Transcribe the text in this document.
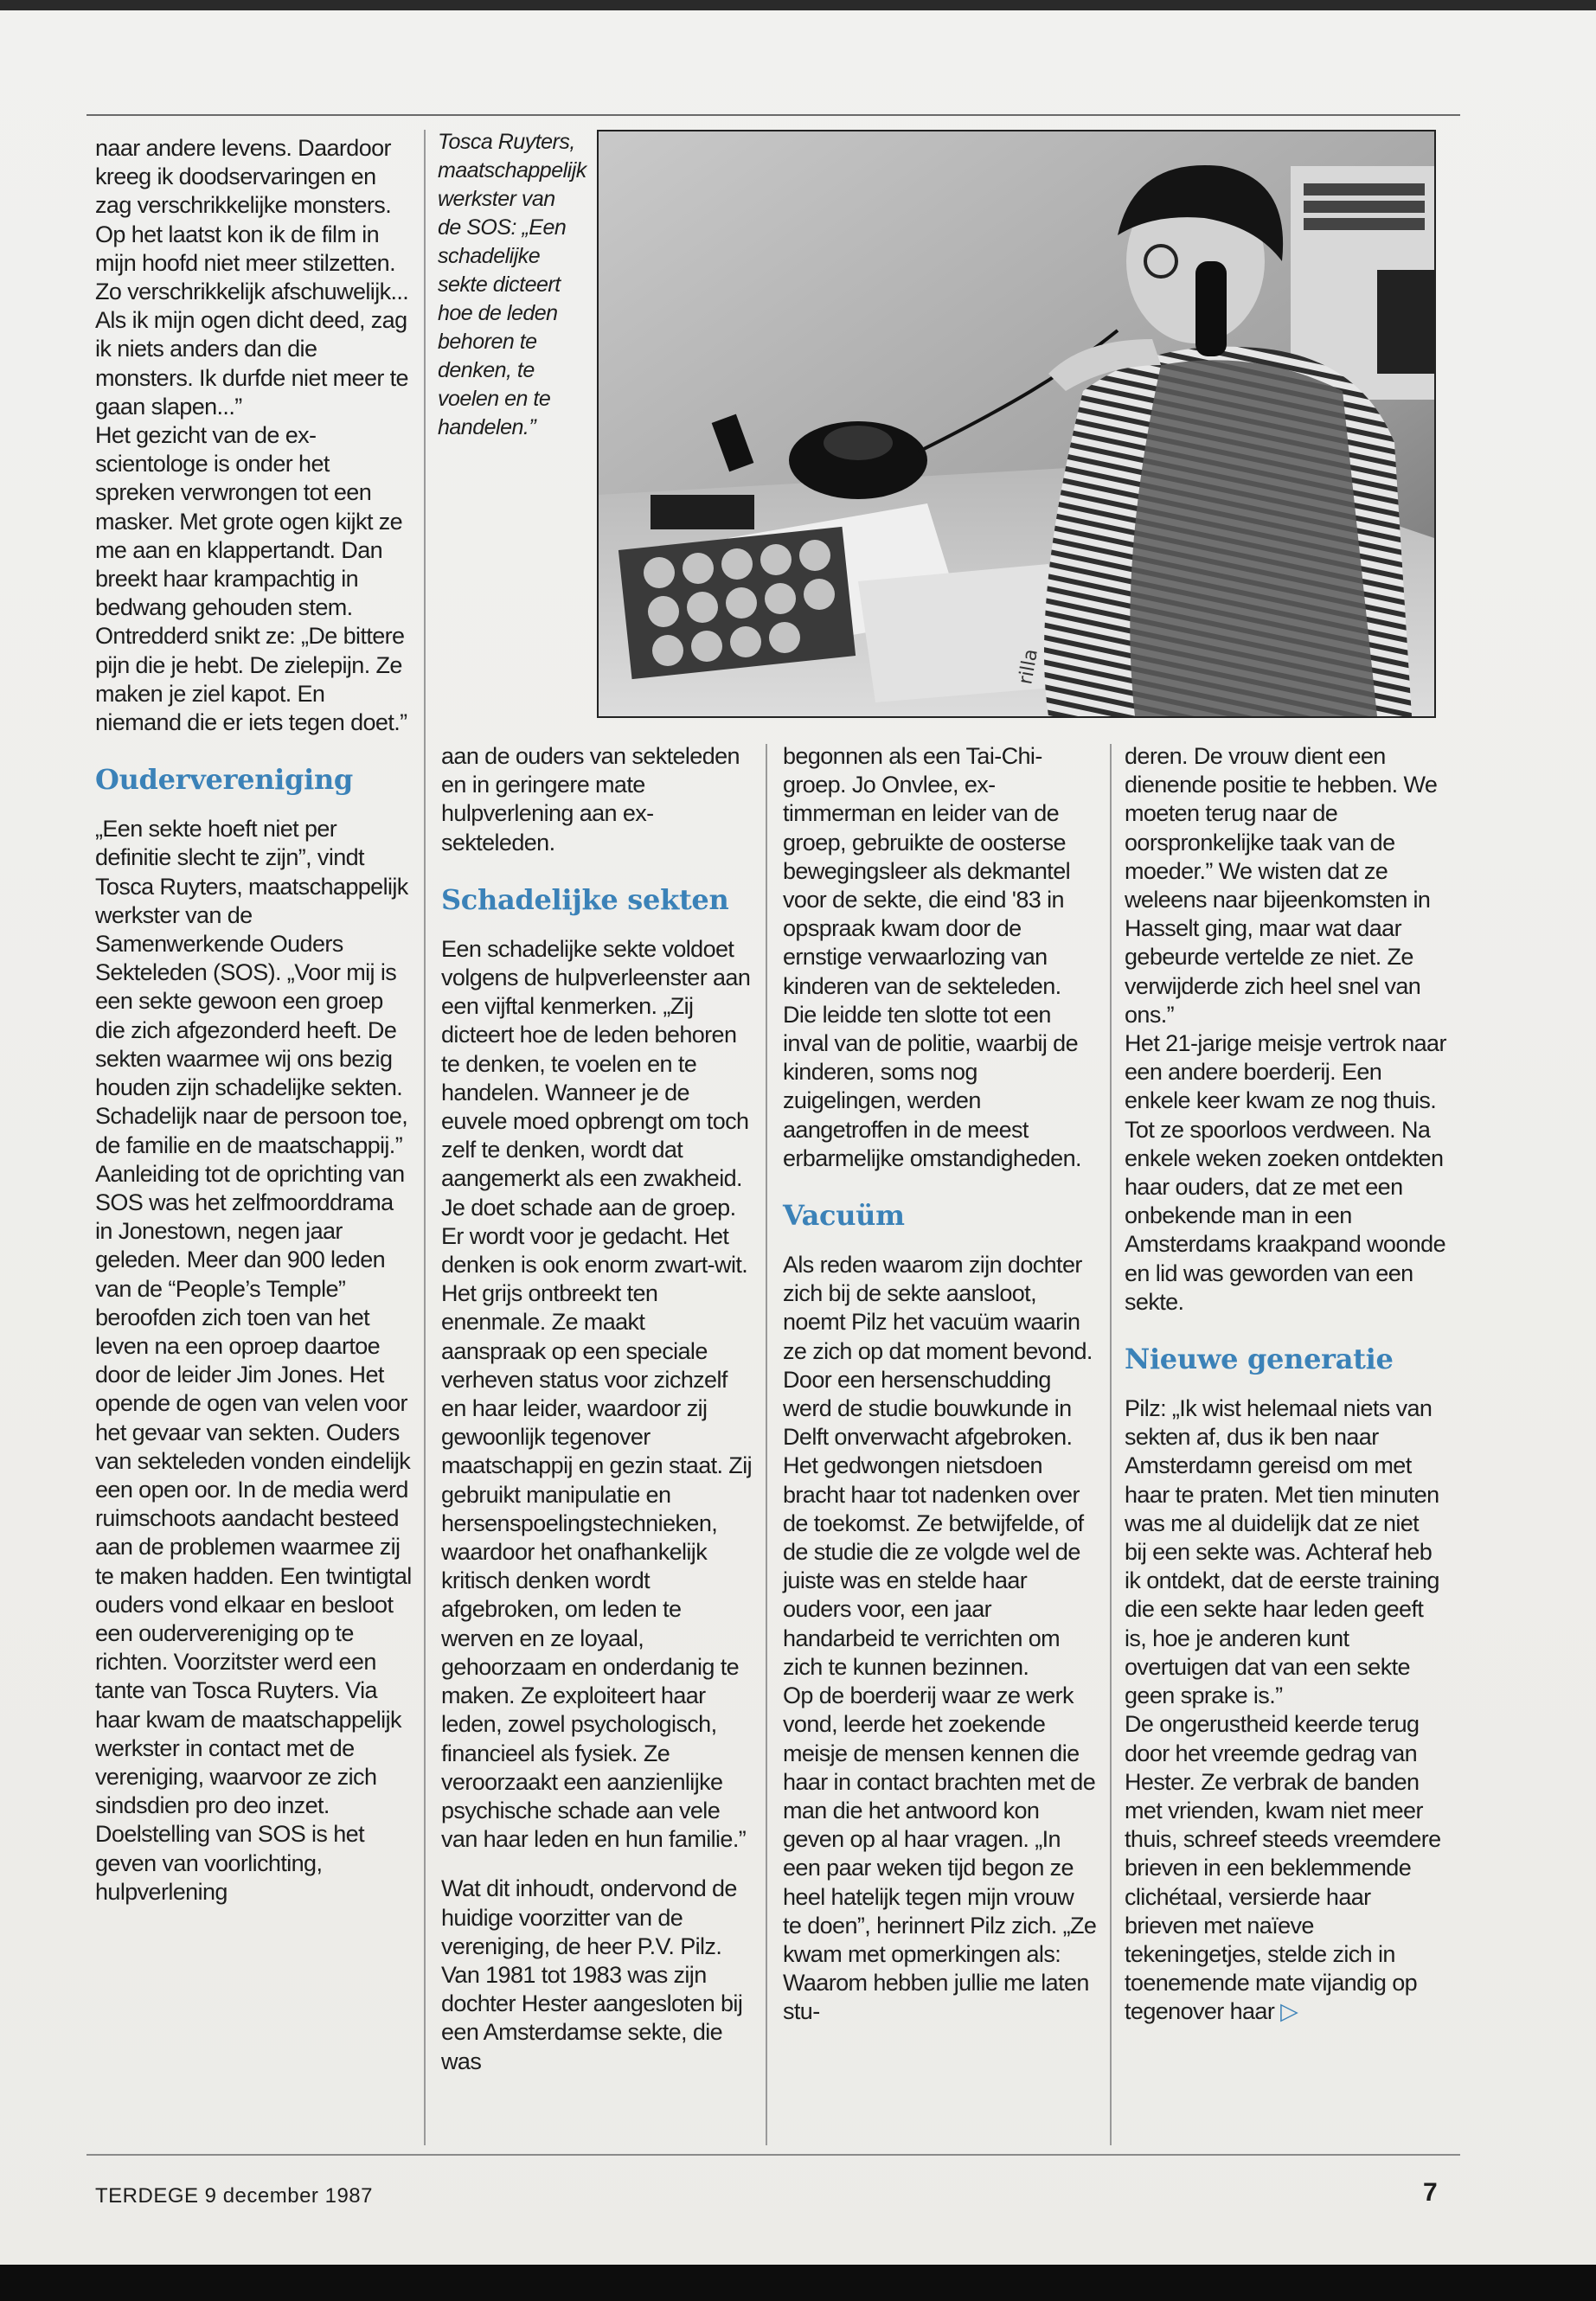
naar andere levens. Daardoor kreeg ik doodservaringen en zag verschrikkelijke monsters. Op het laatst kon ik de film in mijn hoofd niet meer stilzetten. Zo verschrikkelijk afschuwelijk... Als ik mijn ogen dicht deed, zag ik niets anders dan die monsters. Ik durfde niet meer te gaan slapen...”

Het gezicht van de ex-scientologe is onder het spreken verwrongen tot een masker. Met grote ogen kijkt ze me aan en klappertandt. Dan breekt haar krampachtig in bedwang gehouden stem. Ontredderd snikt ze: „De bittere pijn die je hebt. De zielepijn. Ze maken je ziel kapot. En niemand die er iets tegen doet.”

Oudervereniging

„Een sekte hoeft niet per definitie slecht te zijn”, vindt Tosca Ruyters, maatschappelijk werkster van de Samenwerkende Ouders Sekteleden (SOS). „Voor mij is een sekte gewoon een groep die zich afgezonderd heeft. De sekten waarmee wij ons bezig houden zijn schadelijke sekten. Schadelijk naar de persoon toe, de familie en de maatschappij.”

Aanleiding tot de oprichting van SOS was het zelfmoorddrama in Jonestown, negen jaar geleden. Meer dan 900 leden van de “People’s Temple” beroofden zich toen van het leven na een oproep daartoe door de leider Jim Jones. Het opende de ogen van velen voor het gevaar van sekten. Ouders van sekteleden vonden eindelijk een open oor. In de media werd ruimschoots aandacht besteed aan de problemen waarmee zij te maken hadden. Een twintigtal ouders vond elkaar en besloot een oudervereniging op te richten. Voorzitster werd een tante van Tosca Ruyters. Via haar kwam de maatschappelijk werkster in contact met de vereniging, waarvoor ze zich sindsdien pro deo inzet. Doelstelling van SOS is het geven van voorlichting, hulpverlening

Tosca Ruyters, maatschappelijk werkster van de SOS: „Een schadelijke sekte dicteert hoe de leden behoren te denken, te voelen en te handelen.”
rilla

aan de ouders van sekteleden en in geringere mate hulpverlening aan ex-sekteleden.

Schadelijke sekten

Een schadelijke sekte voldoet volgens de hulpverleenster aan een vijftal kenmerken. „Zij dicteert hoe de leden behoren te denken, te voelen en te handelen. Wanneer je de euvele moed opbrengt om toch zelf te denken, wordt dat aangemerkt als een zwakheid. Je doet schade aan de groep. Er wordt voor je gedacht. Het denken is ook enorm zwart-wit. Het grijs ontbreekt ten enenmale. Ze maakt aanspraak op een speciale verheven status voor zichzelf en haar leider, waardoor zij gewoonlijk tegenover maatschappij en gezin staat. Zij gebruikt manipulatie en hersenspoelingstechnieken, waardoor het onafhankelijk kritisch denken wordt afgebroken, om leden te werven en ze loyaal, gehoorzaam en onderdanig te maken. Ze exploiteert haar leden, zowel psychologisch, financieel als fysiek. Ze veroorzaakt een aanzienlijke psychische schade aan vele van haar leden en hun familie.”

Wat dit inhoudt, ondervond de huidige voorzitter van de vereniging, de heer P.V. Pilz. Van 1981 tot 1983 was zijn dochter Hester aangesloten bij een Amsterdamse sekte, die was

begonnen als een Tai-Chi-groep. Jo Onvlee, ex-timmerman en leider van de groep, gebruikte de oosterse bewegingsleer als dekmantel voor de sekte, die eind '83 in opspraak kwam door de ernstige verwaarlozing van kinderen van de sekteleden. Die leidde ten slotte tot een inval van de politie, waarbij de kinderen, soms nog zuigelingen, werden aangetroffen in de meest erbarmelijke omstandigheden.

Vacuüm

Als reden waarom zijn dochter zich bij de sekte aansloot, noemt Pilz het vacuüm waarin ze zich op dat moment bevond. Door een hersenschudding werd de studie bouwkunde in Delft onverwacht afgebroken. Het gedwongen nietsdoen bracht haar tot nadenken over de toekomst. Ze betwijfelde, of de studie die ze volgde wel de juiste was en stelde haar ouders voor, een jaar handarbeid te verrichten om zich te kunnen bezinnen.

Op de boerderij waar ze werk vond, leerde het zoekende meisje de mensen kennen die haar in contact brachten met de man die het antwoord kon geven op al haar vragen. „In een paar weken tijd begon ze heel hatelijk tegen mijn vrouw te doen”, herinnert Pilz zich. „Ze kwam met opmerkingen als: Waarom hebben jullie me laten stu-

deren. De vrouw dient een dienende positie te hebben. We moeten terug naar de oorspronkelijke taak van de moeder.” We wisten dat ze weleens naar bijeenkomsten in Hasselt ging, maar wat daar gebeurde vertelde ze niet. Ze verwijderde zich heel snel van ons.”

Het 21-jarige meisje vertrok naar een andere boerderij. Een enkele keer kwam ze nog thuis. Tot ze spoorloos verdween. Na enkele weken zoeken ontdekten haar ouders, dat ze met een onbekende man in een Amsterdams kraakpand woonde en lid was geworden van een sekte.

Nieuwe generatie

Pilz: „Ik wist helemaal niets van sekten af, dus ik ben naar Amsterdamn gereisd om met haar te praten. Met tien minuten was me al duidelijk dat ze niet bij een sekte was. Achteraf heb ik ontdekt, dat de eerste training die een sekte haar leden geeft is, hoe je anderen kunt overtuigen dat van een sekte geen sprake is.”

De ongerustheid keerde terug door het vreemde gedrag van Hester. Ze verbrak de banden met vrienden, kwam niet meer thuis, schreef steeds vreemdere brieven in een beklemmende clichétaal, versierde haar brieven met naïeve tekeningetjes, stelde zich in toenemende mate vijandig op tegenover haar ▷

TERDEGE 9 december 1987	7
